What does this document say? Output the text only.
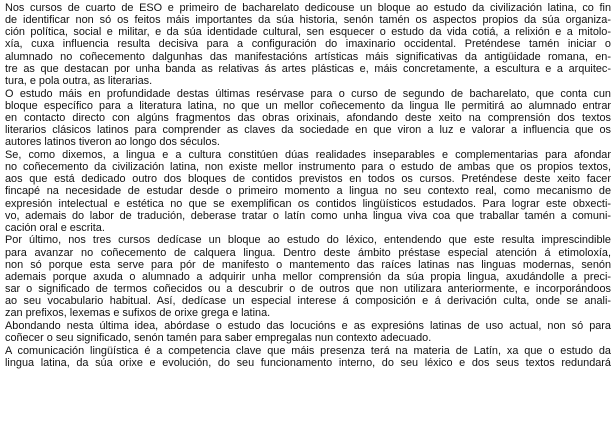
Nos cursos de cuarto de ESO e primeiro de bacharelato dedicouse un bloque ao estudo da civilización latina, co fin
de identificar non só os feitos máis importantes da súa historia, senón tamén os aspectos propios da súa organiza-
ción política, social e militar, e da súa identidade cultural, sen esquecer o estudo da vida cotiá, a relixión e a mitolo-
xía, cuxa influencia resulta decisiva para a configuración do imaxinario occidental. Preténdese tamén iniciar o
alumnado no coñecemento dalgunhas das manifestacións artísticas máis significativas da antigüidade romana, en-
tre as que destacan por unha banda as relativas ás artes plásticas e, máis concretamente, a escultura e a arquitec-
tura, e pola outra, as literarias.

O estudo máis en profundidade destas últimas resérvase para o curso de segundo de bacharelato, que conta cun
bloque específico para a literatura latina, no que un mellor coñecemento da lingua lle permitirá ao alumnado entrar
en contacto directo con algúns fragmentos das obras orixinais, afondando deste xeito na comprensión dos textos
literarios clásicos latinos para comprender as claves da sociedade en que viron a luz e valorar a influencia que os
autores latinos tiveron ao longo dos séculos.

Se, como dixemos, a lingua e a cultura constitúen dúas realidades inseparables e complementarias para afondar
no coñecemento da civilización latina, non existe mellor instrumento para o estudo de ambas que os propios textos,
aos que está dedicado outro dos bloques de contidos previstos en todos os cursos. Preténdese deste xeito facer
fincapé na necesidade de estudar desde o primeiro momento a lingua no seu contexto real, como mecanismo de
expresión intelectual e estética no que se exemplifican os contidos lingüísticos estudados. Para lograr este obxecti-
vo, ademais do labor de tradución, deberase tratar o latín como unha lingua viva coa que traballar tamén a comuni-
cación oral e escrita.

Por último, nos tres cursos dedícase un bloque ao estudo do léxico, entendendo que este resulta imprescindible
para avanzar no coñecemento de calquera lingua. Dentro deste ámbito préstase especial atención á etimoloxía,
non só porque esta serve para pór de manifesto o mantemento das raíces latinas nas linguas modernas, senón
ademais porque axuda o alumnado a adquirir unha mellor comprensión da súa propia lingua, axudándolle a preci-
sar o significado de termos coñecidos ou a descubrir o de outros que non utilizara anteriormente, e incorporándoos
ao seu vocabulario habitual. Así, dedícase un especial interese á composición e á derivación culta, onde se anali-
zan prefixos, lexemas e sufixos de orixe grega e latina.

Abondando nesta última idea, abórdase o estudo das locucións e as expresións latinas de uso actual, non só para
coñecer o seu significado, senón tamén para saber empregalas nun contexto adecuado.

A comunicación lingüística é a competencia clave que máis presenza terá na materia de Latín, xa que o estudo da
lingua latina, da súa orixe e evolución, do seu funcionamento interno, do seu léxico e dos seus textos redundará
